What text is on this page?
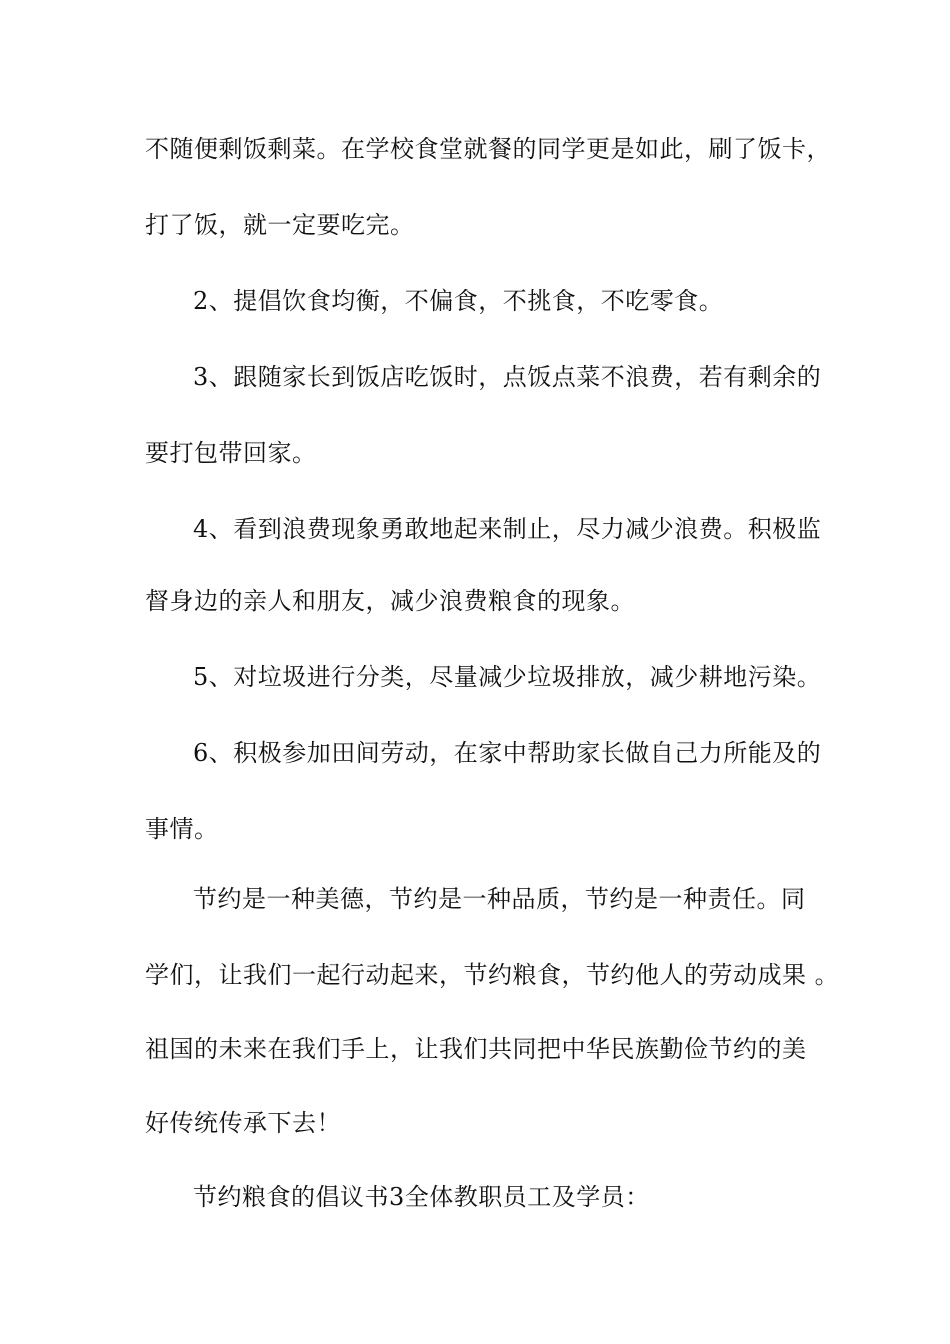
不随便剩饭剩菜。在学校食堂就餐的同学更是如此，刷了饭卡，
打了饭，就一定要吃完。
2、提倡饮食均衡，不偏食，不挑食，不吃零食。
3、跟随家长到饭店吃饭时，点饭点菜不浪费，若有剩余的
要打包带回家。
4、看到浪费现象勇敢地起来制止，尽力减少浪费。积极监
督身边的亲人和朋友，减少浪费粮食的现象。
5、对垃圾进行分类，尽量减少垃圾排放，减少耕地污染。
6、积极参加田间劳动，在家中帮助家长做自己力所能及的
事情。
节约是一种美德，节约是一种品质，节约是一种责任。同
学们，让我们一起行动起来，节约粮食，节约他人的劳动成果 。
祖国的未来在我们手上，让我们共同把中华民族勤俭节约的美
好传统传承下去！
节约粮食的倡议书3全体教职员工及学员：
